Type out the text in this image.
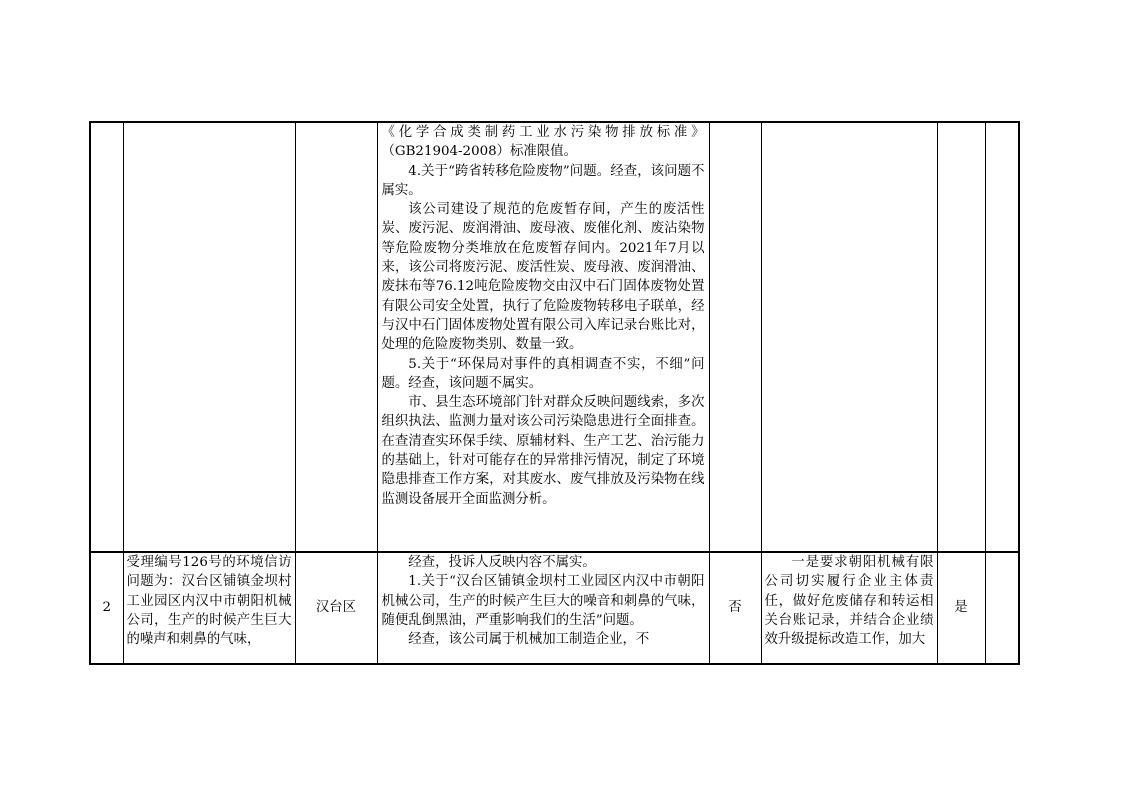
			《化学合成类制药工业水污染物排放标准》（GB21904-2008）标准限值。

4.关于“跨省转移危险废物”问题。经查，该问题不属实。

该公司建设了规范的危废暂存间，产生的废活性炭、废污泥、废润滑油、废母液、废催化剂、废沾染物等危险废物分类堆放在危废暂存间内。2021年7月以来，该公司将废污泥、废活性炭、废母液、废润滑油、废抹布等76.12吨危险废物交由汉中石门固体废物处置有限公司安全处置，执行了危险废物转移电子联单，经与汉中石门固体废物处置有限公司入库记录台账比对，处理的危险废物类别、数量一致。

5.关于“环保局对事件的真相调查不实，不细”问题。经查，该问题不属实。

市、县生态环境部门针对群众反映问题线索，多次组织执法、监测力量对该公司污染隐患进行全面排查。在查清查实环保手续、原辅材料、生产工艺、治污能力的基础上，针对可能存在的异常排污情况，制定了环境隐患排查工作方案，对其废水、废气排放及污染物在线监测设备展开全面监测分析。				

2	受理编号126号的环境信访问题为：汉台区铺镇金坝村工业园区内汉中市朝阳机械公司，生产的时候产生巨大的噪声和刺鼻的气味，	汉台区	经查，投诉人反映内容不属实。

1.关于“汉台区铺镇金坝村工业园区内汉中市朝阳机械公司，生产的时候产生巨大的噪音和刺鼻的气味，随便乱倒黑油，严重影响我们的生活”问题。

经查，该公司属于机械加工制造企业，不	否	一是要求朝阳机械有限公司切实履行企业主体责任，做好危废储存和转运相关台账记录，并结合企业绩效升级提标改造工作，加大	是	
